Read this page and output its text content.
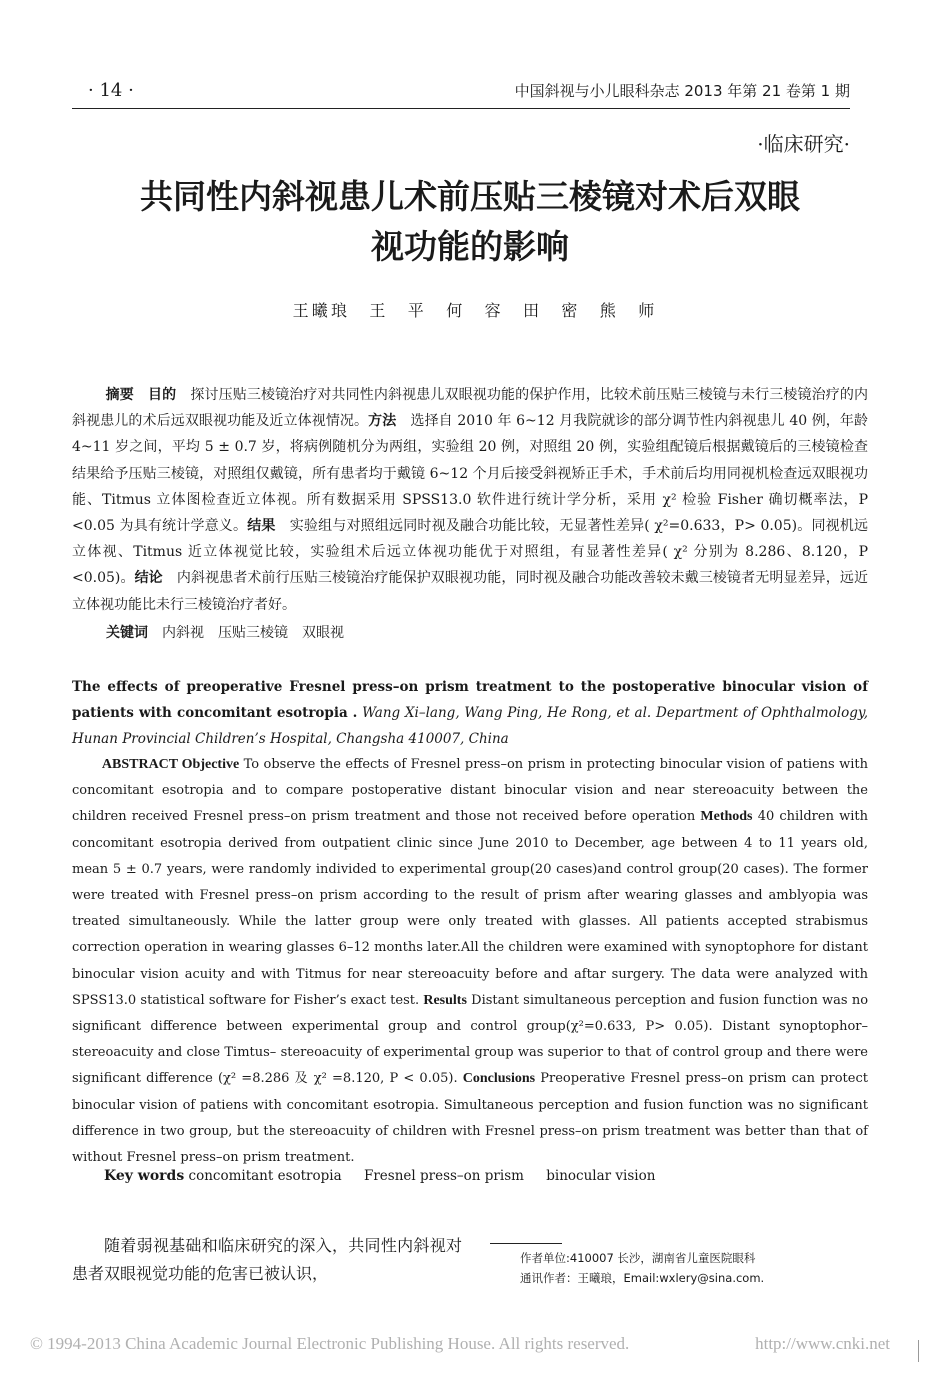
· 14 ·	中国斜视与小儿眼科杂志 2013 年第 21 卷第 1 期
·临床研究·
共同性内斜视患儿术前压贴三棱镜对术后双眼
视功能的影响
王曦琅　王　平　何　容　田　密　熊　师
摘要  目的  探讨压贴三棱镜治疗对共同性内斜视患儿双眼视功能的保护作用，比较术前压贴三棱镜与未行三棱镜治疗的内斜视患儿的术后远双眼视功能及近立体视情况。方法  选择自 2010 年 6~12 月我院就诊的部分调节性内斜视患儿 40 例，年龄 4~11 岁之间，平均 5 ± 0.7 岁，将病例随机分为两组，实验组 20 例，对照组 20 例，实验组配镜后根据戴镜后的三棱镜检查结果给予压贴三棱镜，对照组仅戴镜，所有患者均于戴镜 6~12 个月后接受斜视矫正手术，手术前后均用同视机检查远双眼视功能、Titmus 立体图检查近立体视。所有数据采用 SPSS13.0 软件进行统计学分析，采用 χ² 检验 Fisher 确切概率法，P <0.05 为具有统计学意义。结果  实验组与对照组远同时视及融合功能比较，无显著性差异( χ²=0.633，P> 0.05)。同视机远立体视、Titmus 近立体视觉比较，实验组术后远立体视功能优于对照组，有显著性差异( χ² 分别为 8.286、8.120，P <0.05)。结论  内斜视患者术前行压贴三棱镜治疗能保护双眼视功能，同时视及融合功能改善较未戴三棱镜者无明显差异，远近立体视功能比未行三棱镜治疗者好。
关键词  内斜视　压贴三棱镜　双眼视
The effects of preoperative Fresnel press–on prism treatment to the postoperative binocular vision of patients with concomitant esotropia . Wang Xi–lang, Wang Ping, He Rong, et al. Department of Ophthalmology, Hunan Provincial Children’s Hospital, Changsha 410007, China
ABSTRACT Objective To observe the effects of Fresnel press–on prism in protecting binocular vision of patiens with concomitant esotropia and to compare postoperative distant binocular vision and near stereoacuity between the children received Fresnel press–on prism treatment and those not received before operation Methods 40 children with concomitant esotropia derived from outpatient clinic since June 2010 to December, age between 4 to 11 years old, mean 5 ± 0.7 years, were randomly individed to experimental group(20 cases)and control group(20 cases). The former were treated with Fresnel press–on prism according to the result of prism after wearing glasses and amblyopia was treated simultaneously. While the latter group were only treated with glasses. All patients accepted strabismus correction operation in wearing glasses 6–12 months later.All the children were examined with synoptophore for distant binocular vision acuity and with Titmus for near stereoacuity before and aftar surgery. The data were analyzed with SPSS13.0 statistical software for Fisher’s exact test. Results Distant simultaneous perception and fusion function was no significant difference between experimental group and control group(χ²=0.633, P> 0.05). Distant synoptophor–stereoacuity and close Timtus– stereoacuity of experimental group was superior to that of control group and there were significant difference (χ² =8.286 及 χ² =8.120, P < 0.05). Conclusions Preoperative Fresnel press–on prism can protect binocular vision of patiens with concomitant esotropia. Simultaneous perception and fusion function was no significant difference in two group, but the stereoacuity of children with Fresnel press–on prism treatment was better than that of without Fresnel press–on prism treatment.
Key words concomitant esotropia Fresnel press–on prism binocular vision
随着弱视基础和临床研究的深入，共同性内斜视对患者双眼视觉功能的危害已被认识，
作者单位:410007 长沙，湖南省儿童医院眼科
通讯作者：王曦琅，Email:wxlery@sina.com.
© 1994-2013 China Academic Journal Electronic Publishing House. All rights reserved.	http://www.cnki.net
